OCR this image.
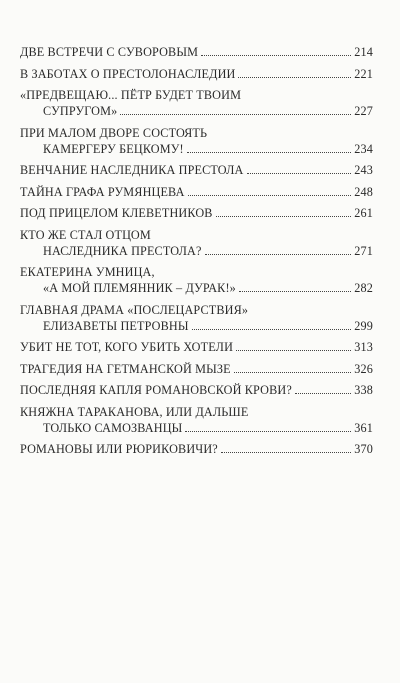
ДВЕ ВСТРЕЧИ С СУВОРОВЫМ	214
В ЗАБОТАХ О ПРЕСТОЛОНАСЛЕДИИ	221
«ПРЕДВЕЩАЮ... ПЁТР БУДЕТ ТВОИМ
СУПРУГОМ»	227
ПРИ МАЛОМ ДВОРЕ СОСТОЯТЬ
КАМЕРГЕРУ БЕЦКОМУ!	234
ВЕНЧАНИЕ НАСЛЕДНИКА ПРЕСТОЛА	243
ТАЙНА ГРАФА РУМЯНЦЕВА	248
ПОД ПРИЦЕЛОМ КЛЕВЕТНИКОВ	261
КТО ЖЕ СТАЛ ОТЦОМ
НАСЛЕДНИКА ПРЕСТОЛА?	271
ЕКАТЕРИНА УМНИЦА,
«А МОЙ ПЛЕМЯННИК – ДУРАК!»	282
ГЛАВНАЯ ДРАМА «ПОСЛЕЦАРСТВИЯ»
ЕЛИЗАВЕТЫ ПЕТРОВНЫ	299
УБИТ НЕ ТОТ, КОГО УБИТЬ ХОТЕЛИ	313
ТРАГЕДИЯ НА ГЕТМАНСКОЙ МЫЗЕ	326
ПОСЛЕДНЯЯ КАПЛЯ РОМАНОВСКОЙ КРОВИ?	338
КНЯЖНА ТАРАКАНОВА, ИЛИ ДАЛЬШЕ
ТОЛЬКО САМОЗВАНЦЫ	361
РОМАНОВЫ ИЛИ РЮРИКОВИЧИ?	370
